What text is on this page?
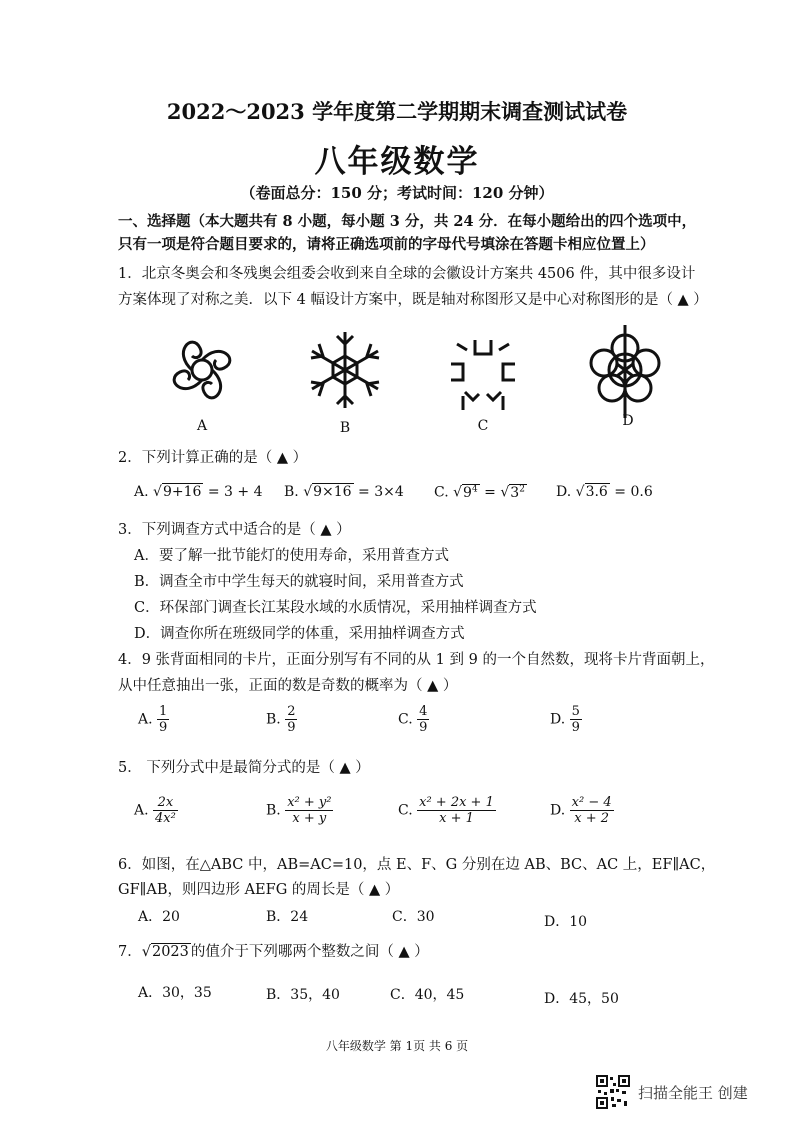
2022～2023 学年度第二学期期末调查测试试卷
八年级数学
（卷面总分：150 分；考试时间：120 分钟）
一、选择题（本大题共有 8 小题，每小题 3 分，共 24 分．在每小题给出的四个选项中，
只有一项是符合题目要求的，请将正确选项前的字母代号填涂在答题卡相应位置上）
1．北京冬奥会和冬残奥会组委会收到来自全球的会徽设计方案共 4506 件，其中很多设计
方案体现了对称之美．以下 4 幅设计方案中，既是轴对称图形又是中心对称图形的是（ ▲ ）
A	B	C	D
2．下列计算正确的是（ ▲ ）
A. √9+16 = 3 + 4 B. √9×16 = 3×4 C. $√9^4 = √3^2$ D. √3.6 = 0.6
3．下列调查方式中适合的是（ ▲ ）
A．要了解一批节能灯的使用寿命，采用普查方式
B．调查全市中学生每天的就寝时间，采用普查方式
C．环保部门调查长江某段水域的水质情况，采用抽样调查方式
D．调查你所在班级同学的体重，采用抽样调查方式
4．9 张背面相同的卡片，正面分别写有不同的从 1 到 9 的一个自然数，现将卡片背面朝上，
从中任意抽出一张，正面的数是奇数的概率为（ ▲ ）
A. $\frac{1}{9}$	B. $\frac{2}{9}$	C. $\frac{4}{9}$	D. $\frac{5}{9}$
5． 下列分式中是最简分式的是（ ▲ ）
A. $\frac{2x}{\text{4x²}}$	B. $\frac{\text{x² + y²}}{x + y}$	C. $\frac{\text{x² + 2x + 1}}{x + 1}$	D. $\frac{\text{x² − 4}}{x + 2}$
6．如图，在△ABC 中，AB=AC=10，点 E、F、G 分别在边 AB、BC、AC 上，EF∥AC，
GF∥AB，则四边形 AEFG 的周长是（ ▲ ）
A．20	B．24	C．30	D．10
7．√2023 的值介于下列哪两个整数之间（ ▲ ）
A．30，35	B．35，40	C．40，45	D．45，50
八年级数学 第 1页 共 6 页
扫描全能王 创建
